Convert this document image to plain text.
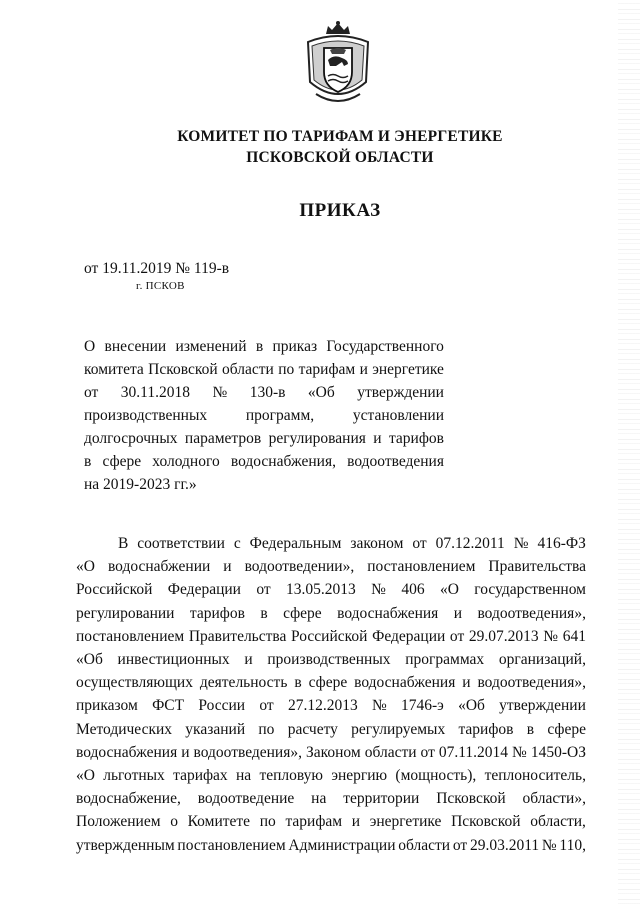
КОМИТЕТ ПО ТАРИФАМ И ЭНЕРГЕТИКЕ
ПСКОВСКОЙ ОБЛАСТИ
ПРИКАЗ
от 19.11.2019 № 119-в
г. ПСКОВ
О внесении изменений в приказ Государственного
комитета Псковской области по тарифам и энергетике
от 30.11.2018 № 130-в «Об утверждении
производственных программ, установлении
долгосрочных параметров регулирования и тарифов
в сфере холодного водоснабжения, водоотведения
на 2019-2023 гг.»
В соответствии с Федеральным законом от 07.12.2011 № 416-ФЗ
«О водоснабжении и водоотведении», постановлением Правительства
Российской Федерации от 13.05.2013 № 406 «О государственном
регулировании тарифов в сфере водоснабжения и водоотведения»,
постановлением Правительства Российской Федерации от 29.07.2013 № 641
«Об инвестиционных и производственных программах организаций,
осуществляющих деятельность в сфере водоснабжения и водоотведения»,
приказом ФСТ России от 27.12.2013 № 1746-э «Об утверждении
Методических указаний по расчету регулируемых тарифов в сфере
водоснабжения и водоотведения», Законом области от 07.11.2014 № 1450-ОЗ
«О льготных тарифах на тепловую энергию (мощность), теплоноситель,
водоснабжение, водоотведение на территории Псковской области»,
Положением о Комитете по тарифам и энергетике Псковской области,
утвержденным постановлением Администрации области от 29.03.2011 № 110,
